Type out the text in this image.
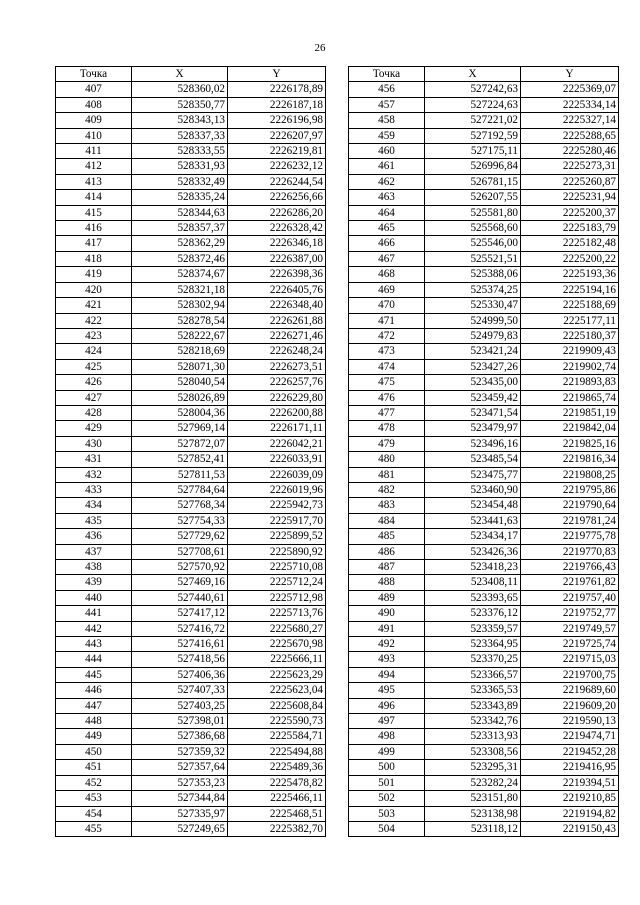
26
Точка	X	Y
407	528360,02	2226178,89
408	528350,77	2226187,18
409	528343,13	2226196,98
410	528337,33	2226207,97
411	528333,55	2226219,81
412	528331,93	2226232,12
413	528332,49	2226244,54
414	528335,24	2226256,66
415	528344,63	2226286,20
416	528357,37	2226328,42
417	528362,29	2226346,18
418	528372,46	2226387,00
419	528374,67	2226398,36
420	528321,18	2226405,76
421	528302,94	2226348,40
422	528278,54	2226261,88
423	528222,67	2226271,46
424	528218,69	2226248,24
425	528071,30	2226273,51
426	528040,54	2226257,76
427	528026,89	2226229,80
428	528004,36	2226200,88
429	527969,14	2226171,11
430	527872,07	2226042,21
431	527852,41	2226033,91
432	527811,53	2226039,09
433	527784,64	2226019,96
434	527768,34	2225942,73
435	527754,33	2225917,70
436	527729,62	2225899,52
437	527708,61	2225890,92
438	527570,92	2225710,08
439	527469,16	2225712,24
440	527440,61	2225712,98
441	527417,12	2225713,76
442	527416,72	2225680,27
443	527416,61	2225670,98
444	527418,56	2225666,11
445	527406,36	2225623,29
446	527407,33	2225623,04
447	527403,25	2225608,84
448	527398,01	2225590,73
449	527386,68	2225584,71
450	527359,32	2225494,88
451	527357,64	2225489,36
452	527353,23	2225478,82
453	527344,84	2225466,11
454	527335,97	2225468,51
455	527249,65	2225382,70
Точка	X	Y
456	527242,63	2225369,07
457	527224,63	2225334,14
458	527221,02	2225327,14
459	527192,59	2225288,65
460	527175,11	2225280,46
461	526996,84	2225273,31
462	526781,15	2225260,87
463	526207,55	2225231,94
464	525581,80	2225200,37
465	525568,60	2225183,79
466	525546,00	2225182,48
467	525521,51	2225200,22
468	525388,06	2225193,36
469	525374,25	2225194,16
470	525330,47	2225188,69
471	524999,50	2225177,11
472	524979,83	2225180,37
473	523421,24	2219909,43
474	523427,26	2219902,74
475	523435,00	2219893,83
476	523459,42	2219865,74
477	523471,54	2219851,19
478	523479,97	2219842,04
479	523496,16	2219825,16
480	523485,54	2219816,34
481	523475,77	2219808,25
482	523460,90	2219795,86
483	523454,48	2219790,64
484	523441,63	2219781,24
485	523434,17	2219775,78
486	523426,36	2219770,83
487	523418,23	2219766,43
488	523408,11	2219761,82
489	523393,65	2219757,40
490	523376,12	2219752,77
491	523359,57	2219749,57
492	523364,95	2219725,74
493	523370,25	2219715,03
494	523366,57	2219700,75
495	523365,53	2219689,60
496	523343,89	2219609,20
497	523342,76	2219590,13
498	523313,93	2219474,71
499	523308,56	2219452,28
500	523295,31	2219416,95
501	523282,24	2219394,51
502	523151,80	2219210,85
503	523138,98	2219194,82
504	523118,12	2219150,43
